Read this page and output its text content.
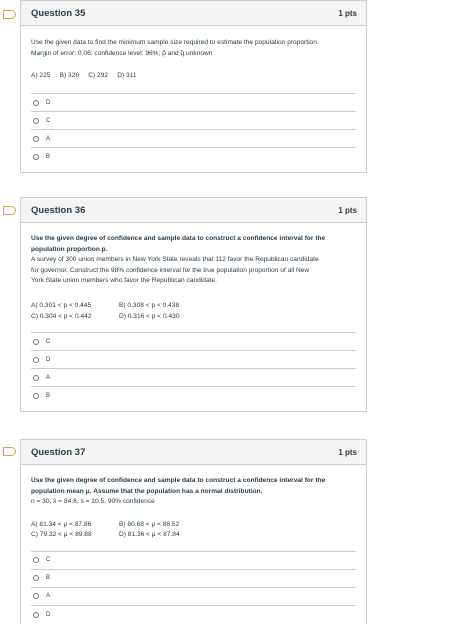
Question 35	1 pts
Use the given data to find the minimum sample size required to estimate the population proportion.
Margin of error: 0.06; confidence level: 96%; p̂ and q̂ unknown
A) 225 B) 326 C) 292 D) 311
D
C
A
B
Question 36	1 pts
Use the given degree of confidence and sample data to construct a confidence interval for the population proportion p.
A survey of 300 union members in New York State reveals that 112 favor the Republican candidate
for governor. Construct the 98% confidence interval for the true population proportion of all New
York State union members who favor the Republican candidate.
A) 0.301 < p < 0.445	B) 0.308 < p < 0.438
C) 0.304 < p < 0.442	D) 0.316 < p < 0.430
C
D
A
B
Question 37	1 pts
Use the given degree of confidence and sample data to construct a confidence interval for the population mean μ. Assume that the population has a normal distribution.
n = 30, x̄ = 84.6, s = 10.5, 90% confidence
A) 81.34 < μ < 87.86	B) 80.68 < μ < 88.52
C) 79.32 < μ < 89.88	D) 81.36 < μ < 87.84
C
B
A
D
